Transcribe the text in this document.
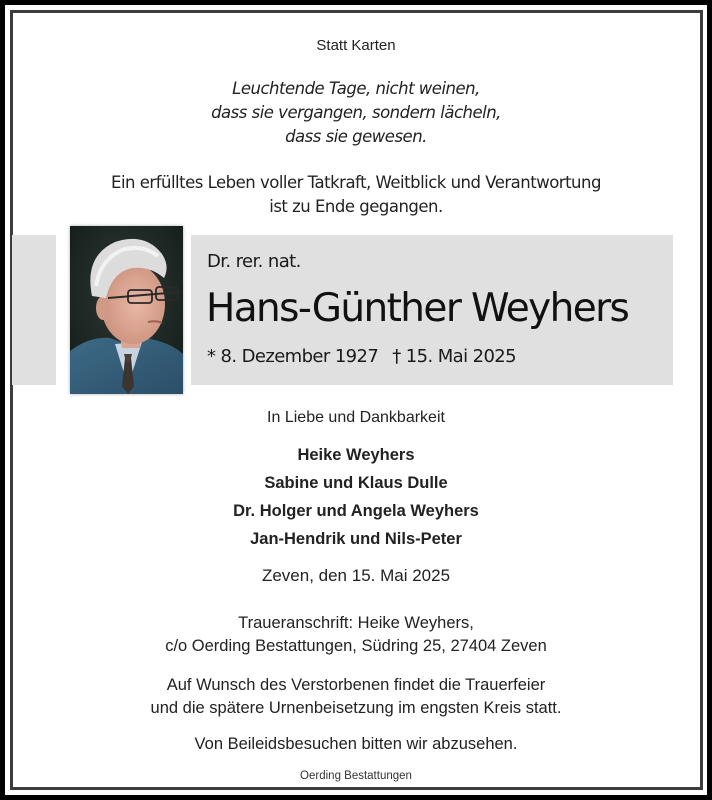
Statt Karten
Leuchtende Tage, nicht weinen,
dass sie vergangen, sondern lächeln,
dass sie gewesen.
Ein erfülltes Leben voller Tatkraft, Weitblick und Verantwortung
ist zu Ende gegangen.
Dr. rer. nat.
Hans-Günther Weyhers
* 8. Dezember 1927 † 15. Mai 2025
In Liebe und Dankbarkeit
Heike Weyhers
Sabine und Klaus Dulle
Dr. Holger und Angela Weyhers
Jan-Hendrik und Nils-Peter
Zeven, den 15. Mai 2025
Traueranschrift: Heike Weyhers,
c/o Oerding Bestattungen, Südring 25, 27404 Zeven
Auf Wunsch des Verstorbenen findet die Trauerfeier
und die spätere Urnenbeisetzung im engsten Kreis statt.
Von Beileidsbesuchen bitten wir abzusehen.
Oerding Bestattungen
